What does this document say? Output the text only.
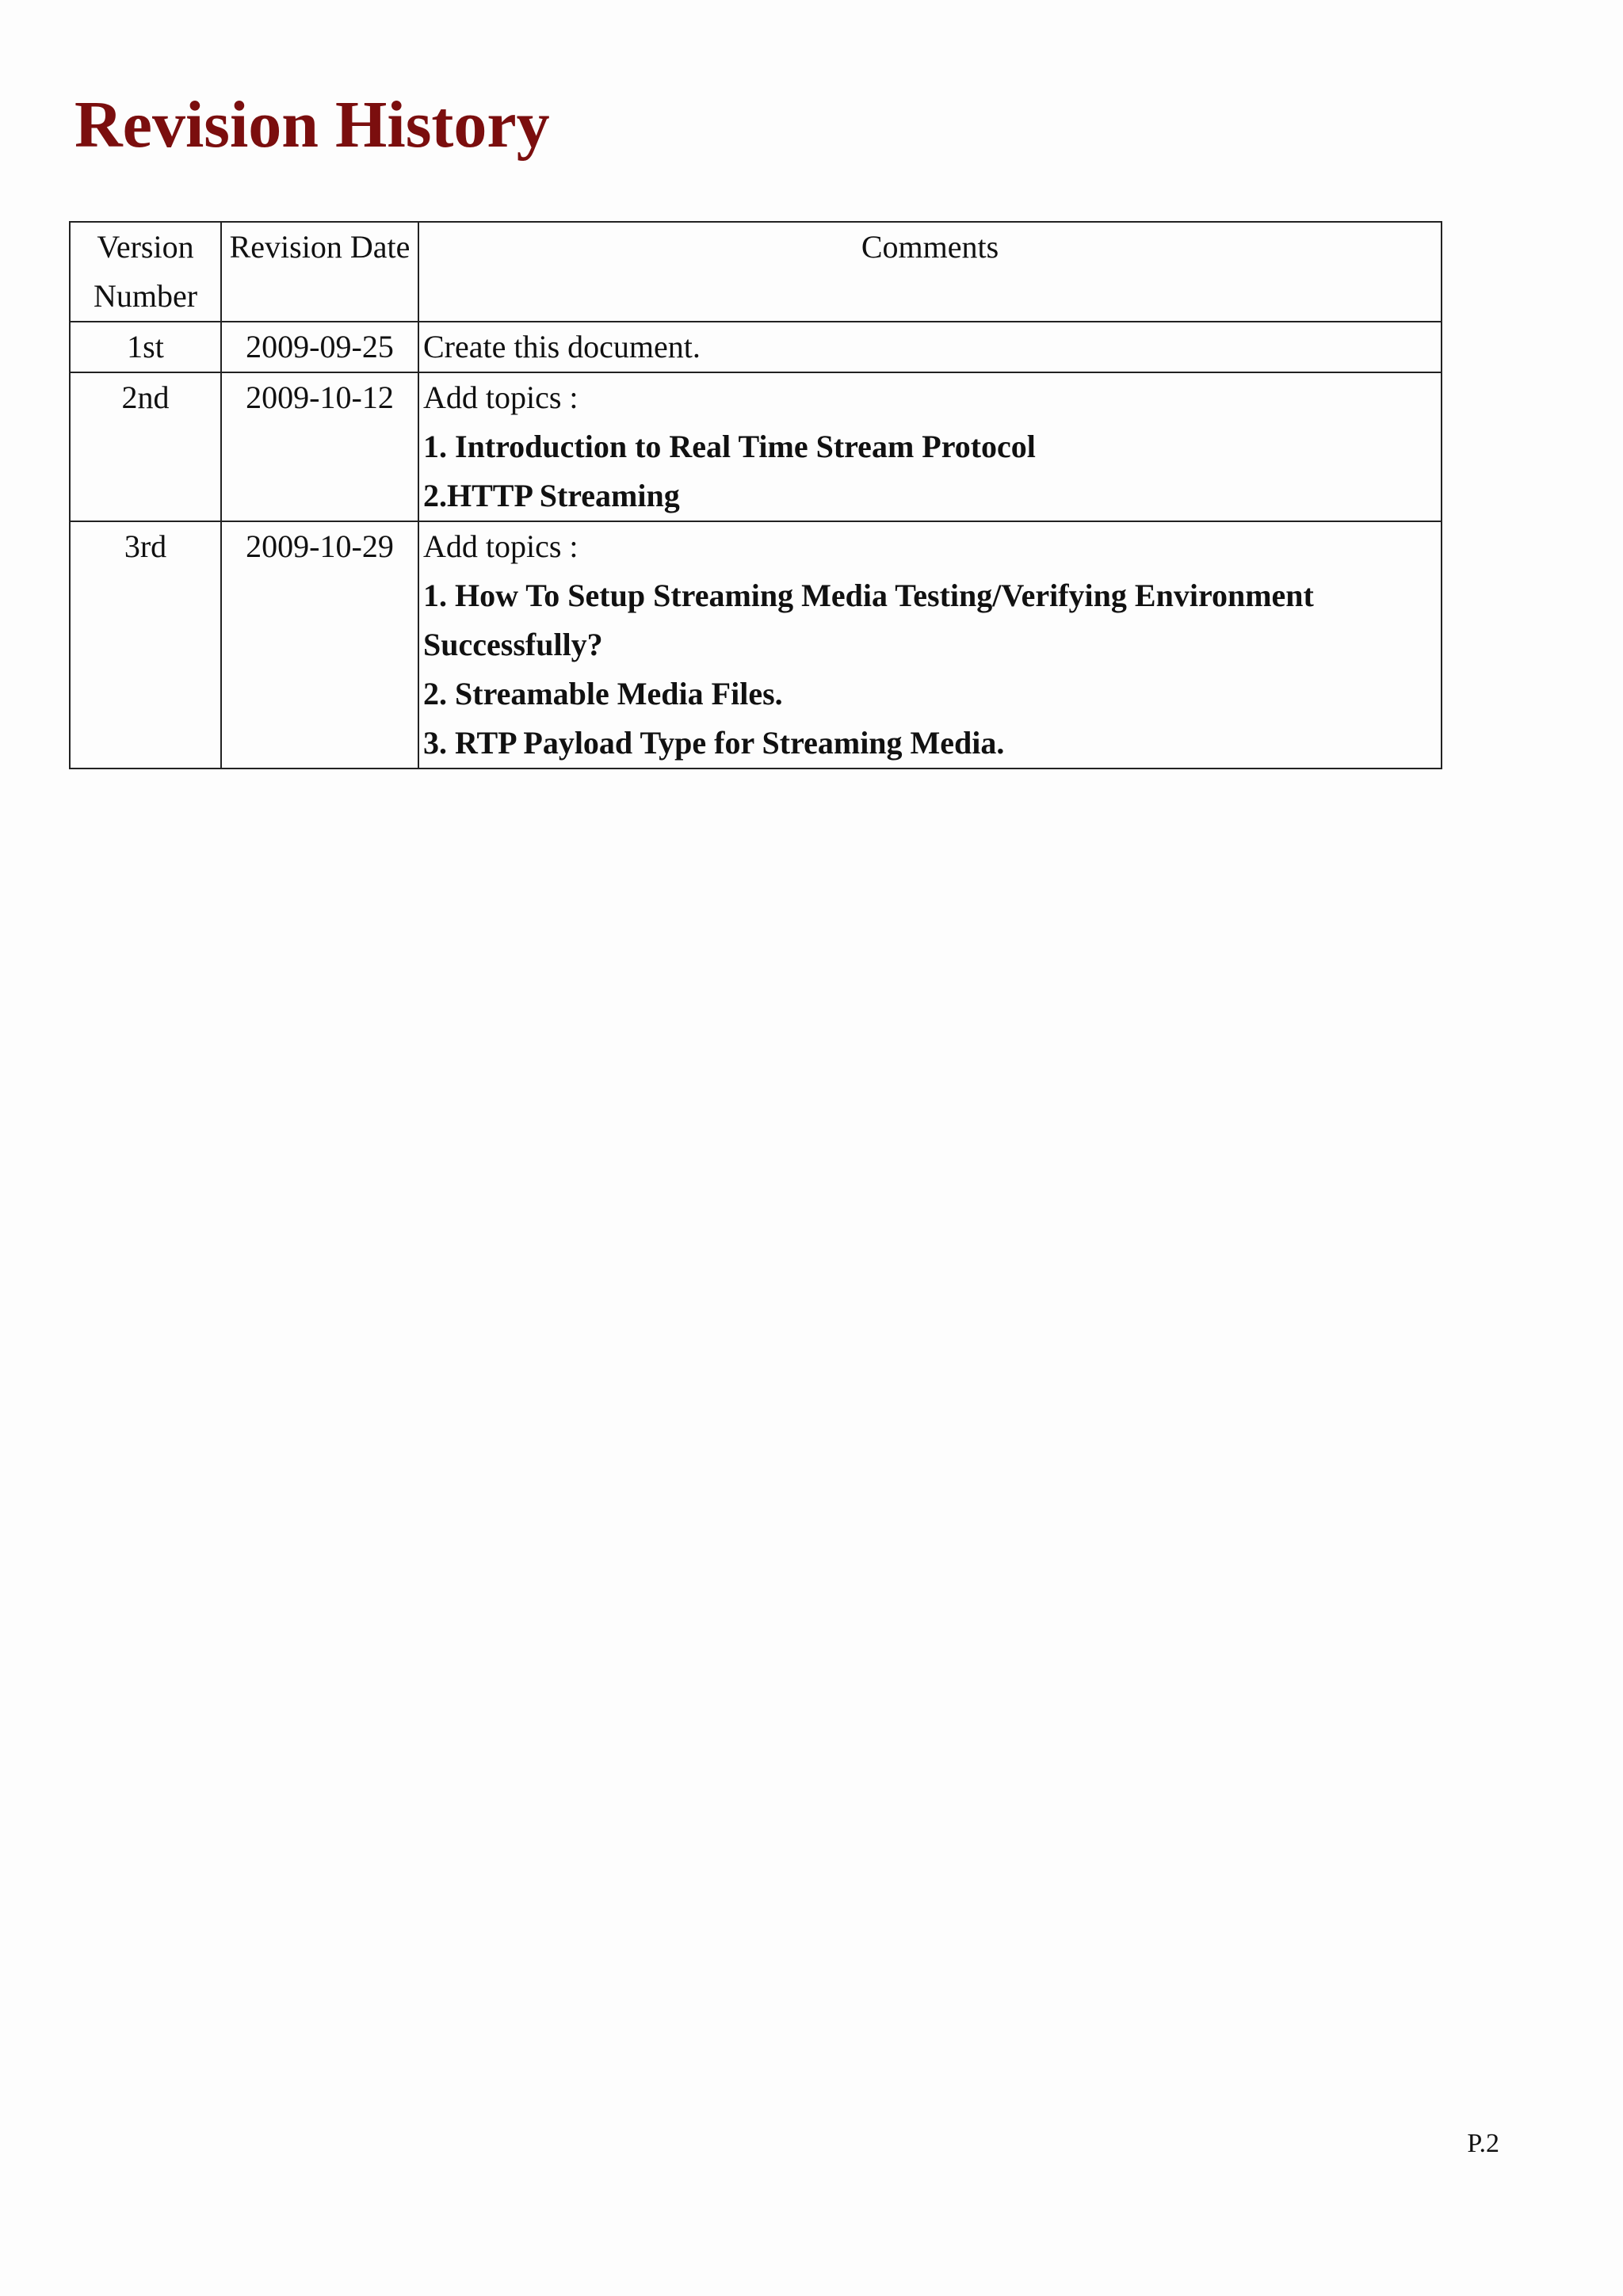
Revision History
Version
Number	Revision Date	Comments
1st	2009-09-25	Create this document.

2nd	2009-10-12	Add topics :
1. Introduction to Real Time Stream Protocol
2.HTTP Streaming

3rd	2009-10-29	Add topics :
1. How To Setup Streaming Media Testing/Verifying Environment Successfully?
2. Streamable Media Files.
3. RTP Payload Type for Streaming Media.
P.2
